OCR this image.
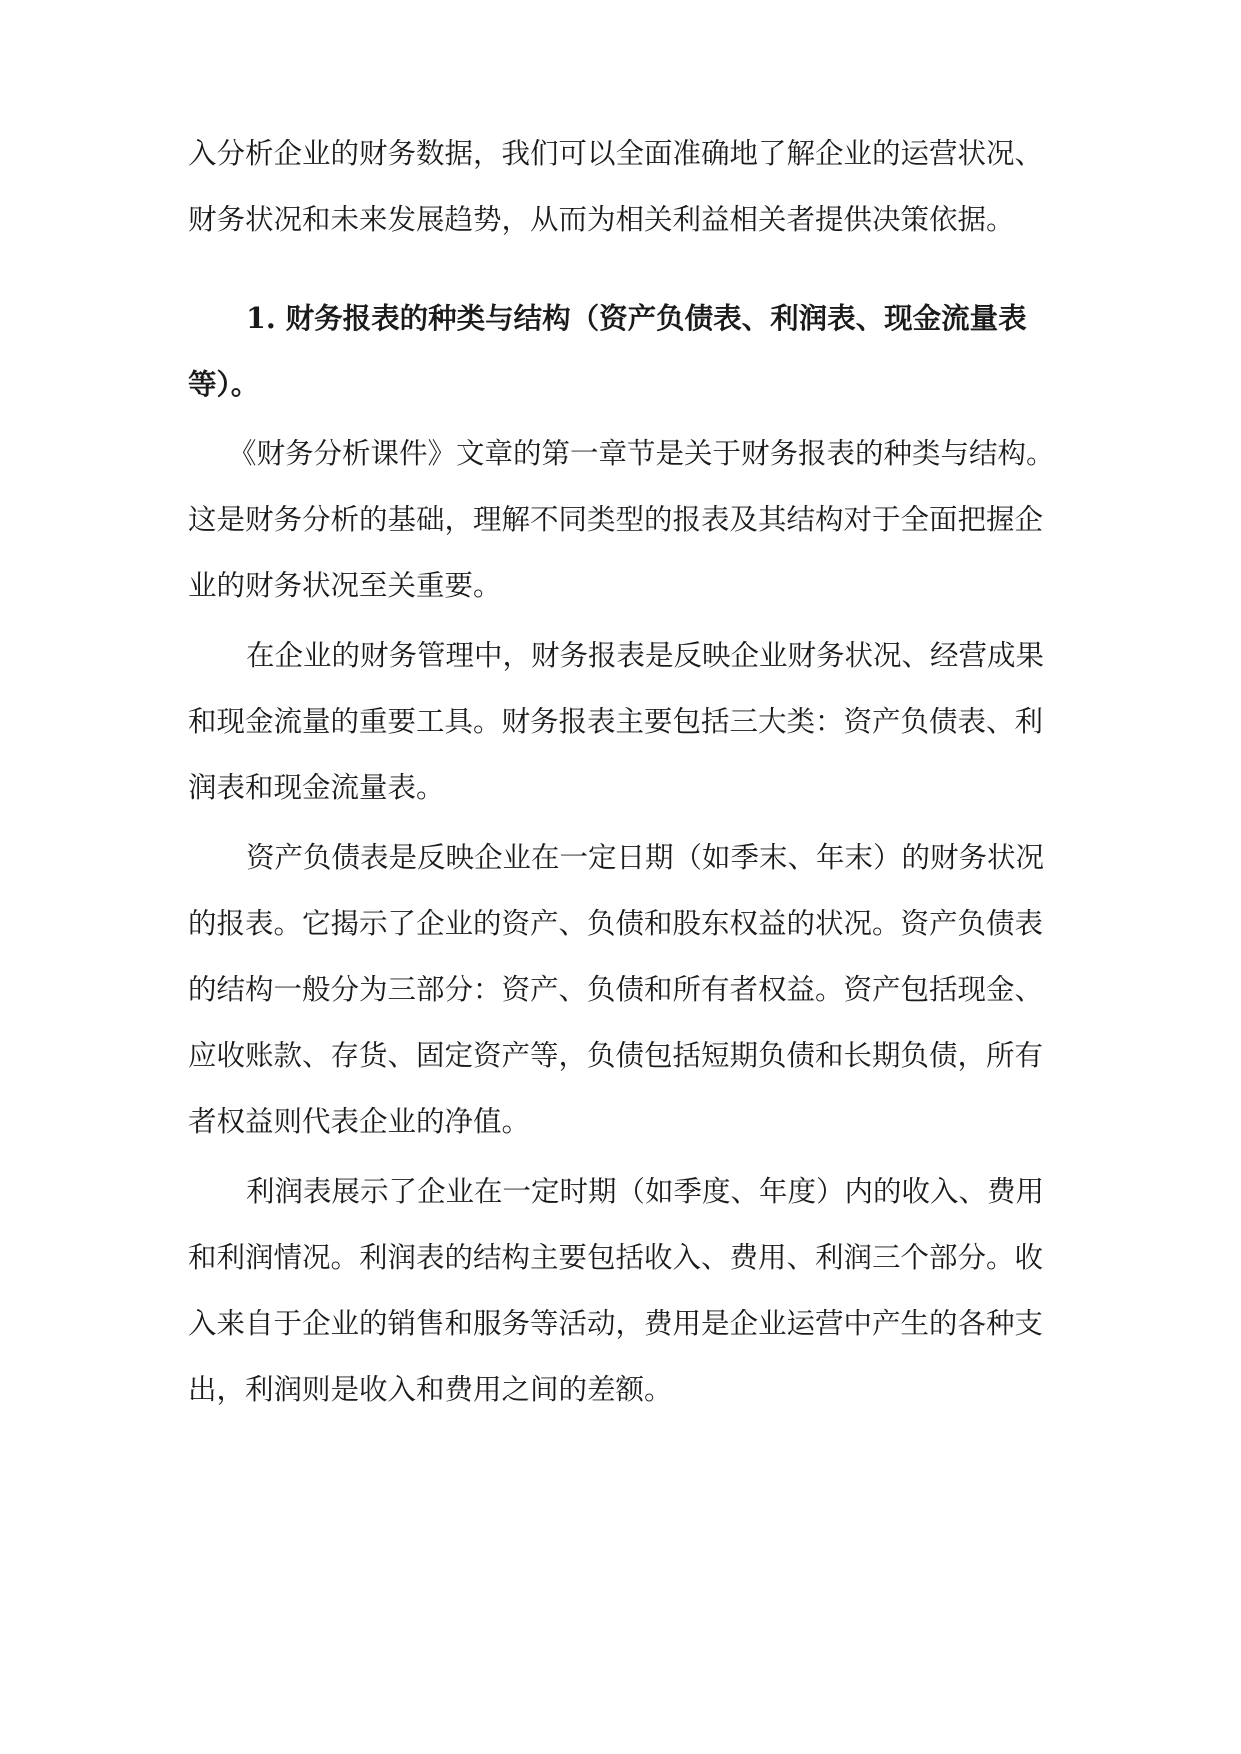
入分析企业的财务数据，我们可以全面准确地了解企业的运营状况、

财务状况和未来发展趋势，从而为相关利益相关者提供决策依据。

1. 财务报表的种类与结构（资产负债表、利润表、现金流量表

等）。

《财务分析课件》文章的第一章节是关于财务报表的种类与结构。

这是财务分析的基础，理解不同类型的报表及其结构对于全面把握企

业的财务状况至关重要。

在企业的财务管理中，财务报表是反映企业财务状况、经营成果

和现金流量的重要工具。财务报表主要包括三大类：资产负债表、利

润表和现金流量表。

资产负债表是反映企业在一定日期（如季末、年末）的财务状况

的报表。它揭示了企业的资产、负债和股东权益的状况。资产负债表

的结构一般分为三部分：资产、负债和所有者权益。资产包括现金、

应收账款、存货、固定资产等，负债包括短期负债和长期负债，所有

者权益则代表企业的净值。

利润表展示了企业在一定时期（如季度、年度）内的收入、费用

和利润情况。利润表的结构主要包括收入、费用、利润三个部分。收

入来自于企业的销售和服务等活动，费用是企业运营中产生的各种支

出，利润则是收入和费用之间的差额。
